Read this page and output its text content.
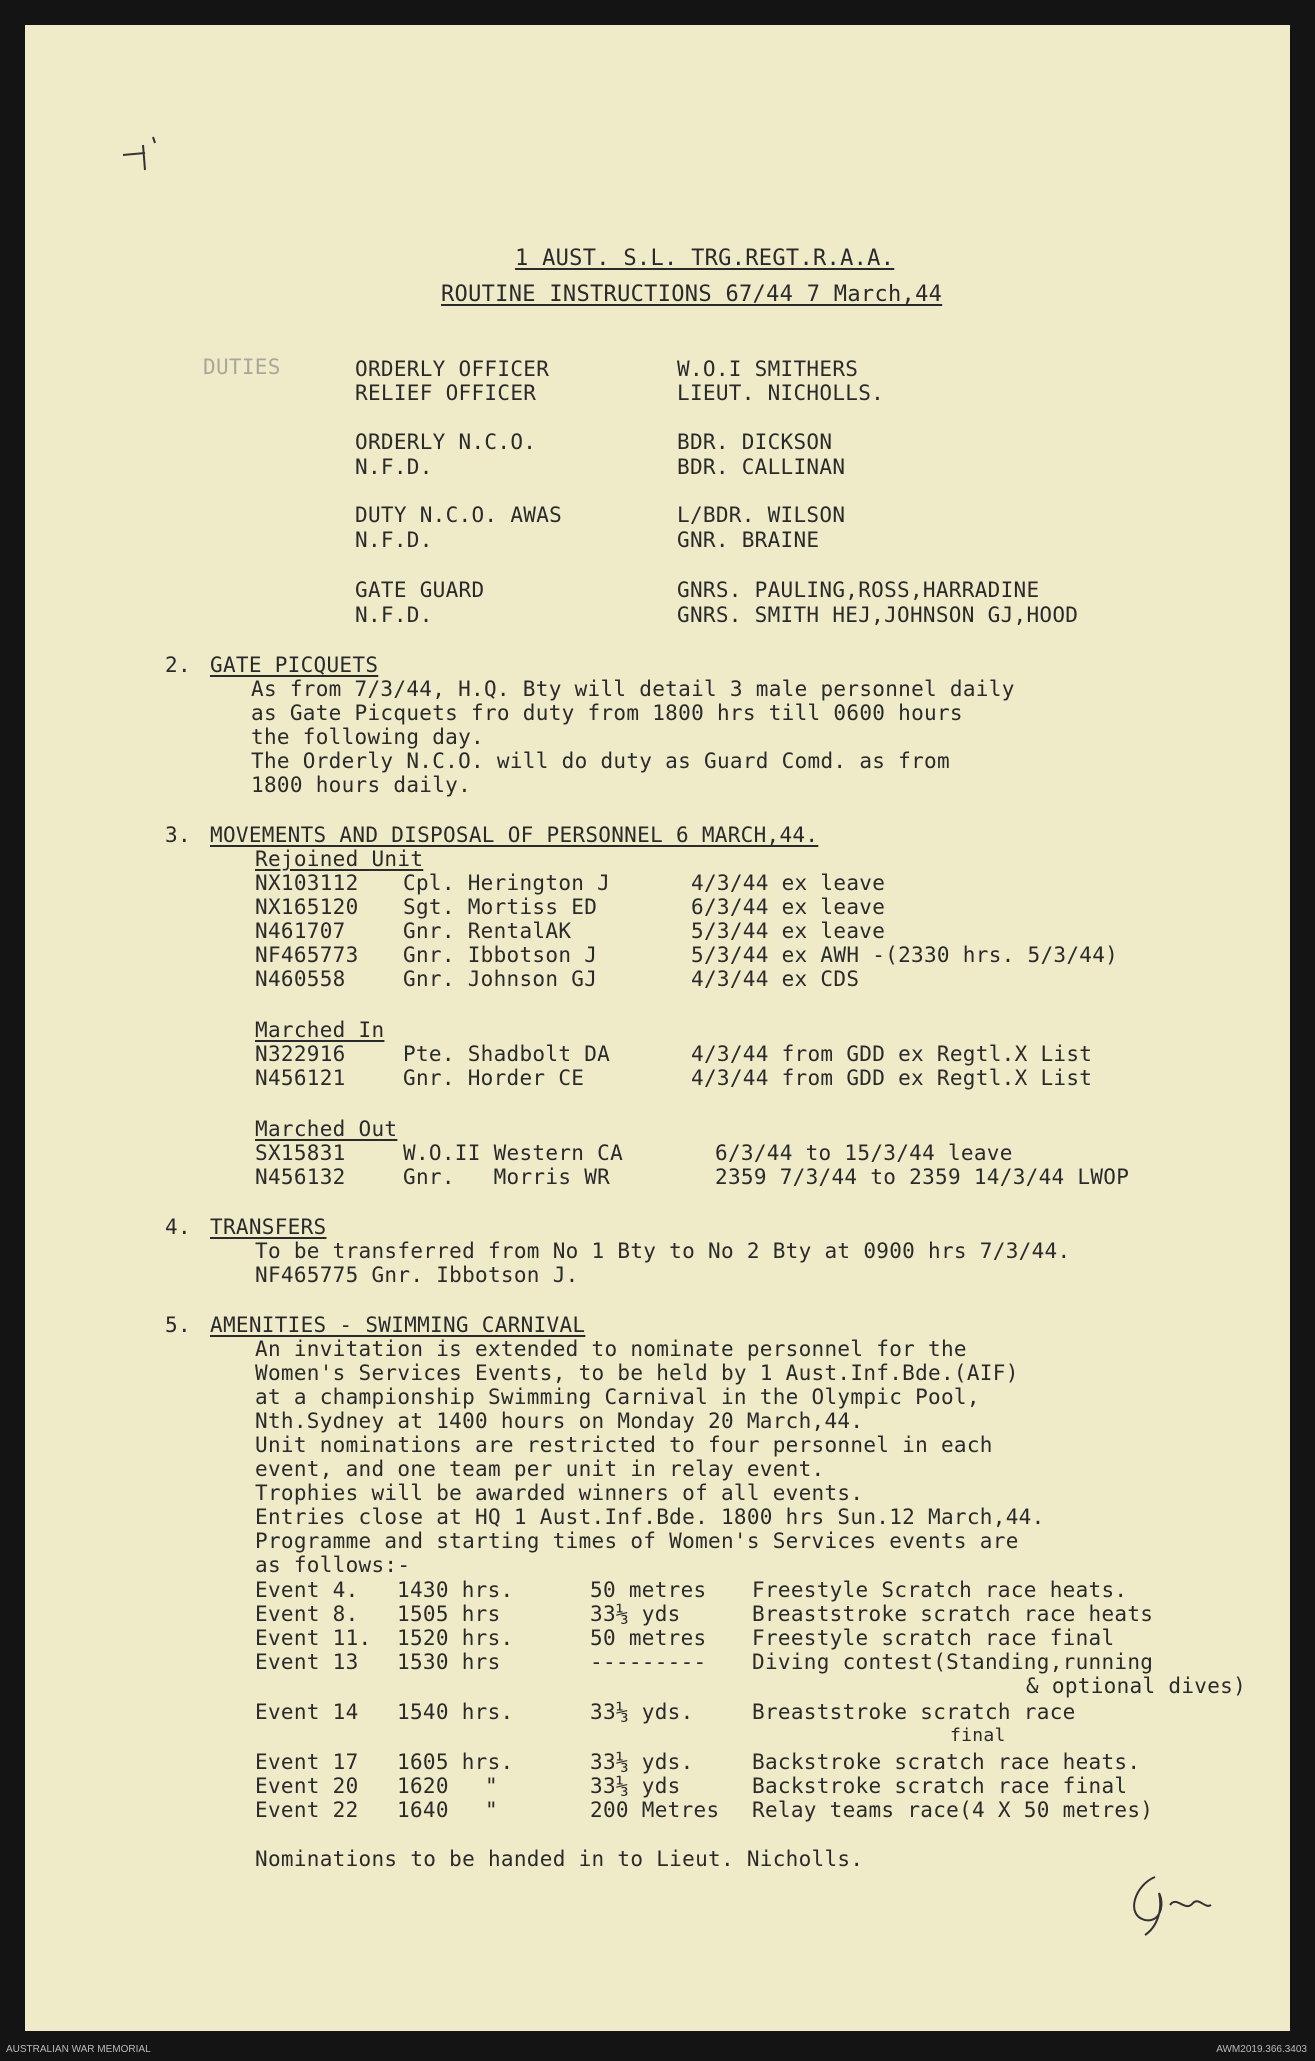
1 AUST. S.L. TRG.REGT.R.A.A.
ROUTINE INSTRUCTIONS 67/44 7 March,44
DUTIES	ORDERLY OFFICER	W.O.I SMITHERS
RELIEF OFFICER	LIEUT. NICHOLLS.
ORDERLY N.C.O.	BDR. DICKSON
N.F.D.	BDR. CALLINAN
DUTY N.C.O. AWAS	L/BDR. WILSON
N.F.D.	GNR. BRAINE
GATE GUARD	GNRS. PAULING,ROSS,HARRADINE
N.F.D.	GNRS. SMITH HEJ,JOHNSON GJ,HOOD
2. GATE PICQUETS
As from 7/3/44, H.Q. Bty will detail 3 male personnel daily
as Gate Picquets fro duty from 1800 hrs till 0600 hours
the following day.
The Orderly N.C.O. will do duty as Guard Comd. as from
1800 hours daily.
3. MOVEMENTS AND DISPOSAL OF PERSONNEL 6 MARCH,44.
Rejoined Unit
NX103112 Cpl. Herington J	4/3/44 ex leave
NX165120 Sgt. Mortiss ED	6/3/44 ex leave
N461707	Gnr. RentalAK	5/3/44 ex leave
NF465773 Gnr. Ibbotson J	5/3/44 ex AWH -(2330 hrs. 5/3/44)
N460558	Gnr. Johnson GJ	4/3/44 ex CDS
Marched In
N322916	Pte. Shadbolt DA	4/3/44 from GDD ex Regtl.X List
N456121	Gnr. Horder CE	4/3/44 from GDD ex Regtl.X List
Marched Out
SX15831	W.O.II Western CA	6/3/44 to 15/3/44 leave
N456132	Gnr.   Morris WR	2359 7/3/44 to 2359 14/3/44 LWOP
4. TRANSFERS
To be transferred from No 1 Bty to No 2 Bty at 0900 hrs 7/3/44.
NF465775 Gnr. Ibbotson J.
5. AMENITIES - SWIMMING CARNIVAL
An invitation is extended to nominate personnel for the
Women's Services Events, to be held by 1 Aust.Inf.Bde.(AIF)
at a championship Swimming Carnival in the Olympic Pool,
Nth.Sydney at 1400 hours on Monday 20 March,44.
Unit nominations are restricted to four personnel in each
event, and one team per unit in relay event.
Trophies will be awarded winners of all events.
Entries close at HQ 1 Aust.Inf.Bde. 1800 hrs Sun.12 March,44.
Programme and starting times of Women's Services events are
as follows:-
Event 4. 1430 hrs.	50 metres Freestyle Scratch race heats.
Event 8. 1505 hrs	33⅓ yds	Breaststroke scratch race heats
Event 11. 1520 hrs.	50 metres Freestyle scratch race final
Event 13 1530 hrs	--------- Diving contest(Standing,running
& optional dives)
Event 14 1540 hrs.	33⅓ yds.	Breaststroke scratch race
final
Event 17 1605 hrs.	33⅓ yds.	Backstroke scratch race heats.
Event 20 1620 "	33⅓ yds	Backstroke scratch race final
Event 22 1640 "	200 Metres Relay teams race(4 X 50 metres)
Nominations to be handed in to Lieut. Nicholls.
AUSTRALIAN WAR MEMORIAL	AWM2019.366.3403
